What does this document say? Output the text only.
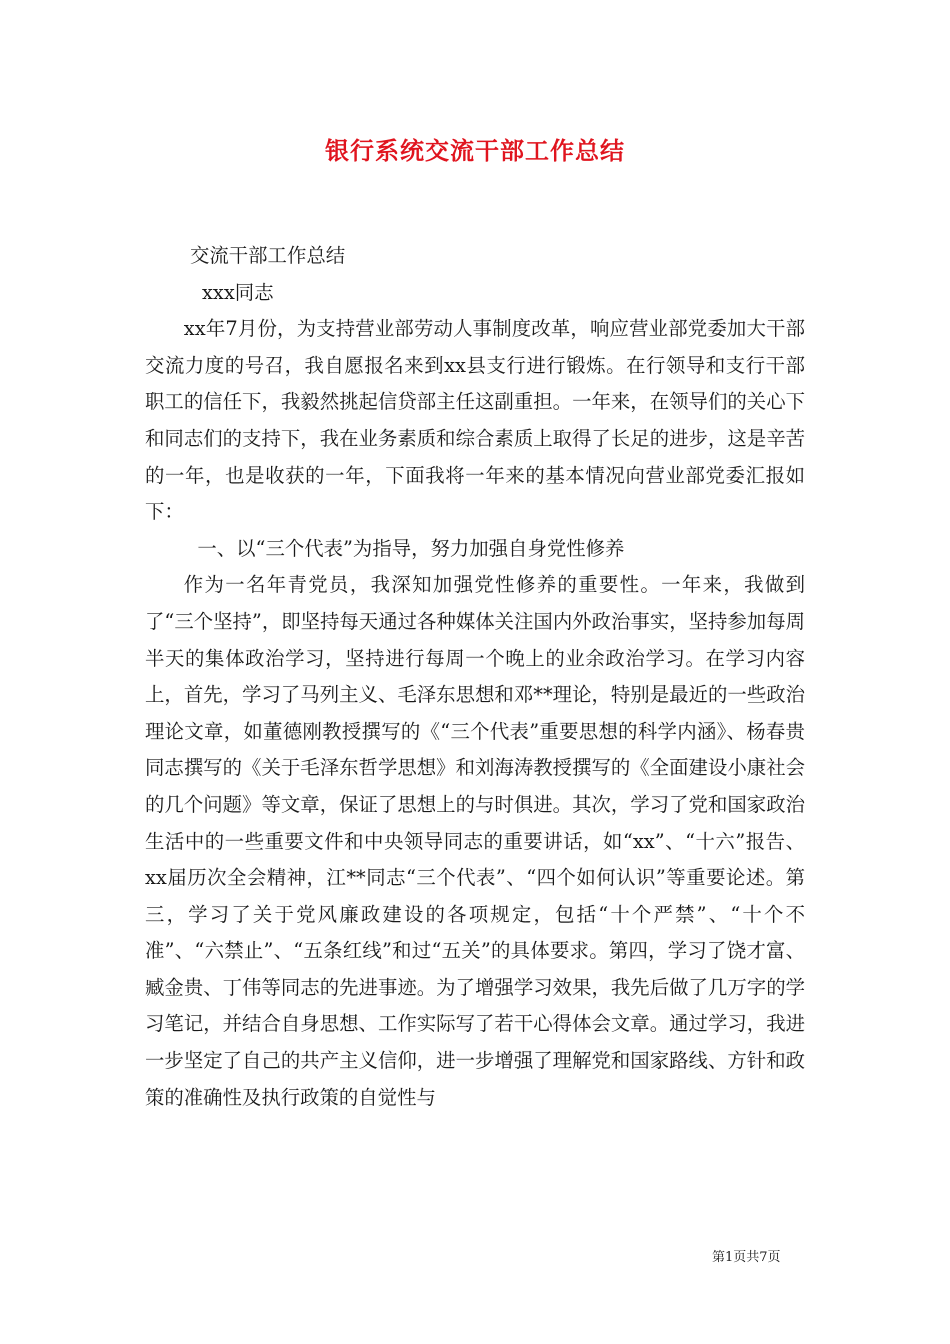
银行系统交流干部工作总结

交流干部工作总结

xxx同志

xx年7月份，为支持营业部劳动人事制度改革，响应营业部党委加大干部交流力度的号召，我自愿报名来到xx县支行进行锻炼。在行领导和支行干部职工的信任下，我毅然挑起信贷部主任这副重担。一年来，在领导们的关心下和同志们的支持下，我在业务素质和综合素质上取得了长足的进步，这是辛苦的一年，也是收获的一年，下面我将一年来的基本情况向营业部党委汇报如下：

一、以“三个代表”为指导，努力加强自身党性修养

作为一名年青党员，我深知加强党性修养的重要性。一年来，我做到了“三个坚持”，即坚持每天通过各种媒体关注国内外政治事实，坚持参加每周半天的集体政治学习，坚持进行每周一个晚上的业余政治学习。在学习内容上，首先，学习了马列主义、毛泽东思想和邓**理论，特别是最近的一些政治理论文章，如董德刚教授撰写的《“三个代表”重要思想的科学内涵》、杨春贵同志撰写的《关于毛泽东哲学思想》和刘海涛教授撰写的《全面建设小康社会的几个问题》等文章，保证了思想上的与时俱进。其次，学习了党和国家政治生活中的一些重要文件和中央领导同志的重要讲话，如“xx”、“十六”报告、xx届历次全会精神，江**同志“三个代表”、“四个如何认识”等重要论述。第三，学习了关于党风廉政建设的各项规定，包括“十个严禁”、“十个不准”、“六禁止”、“五条红线”和过“五关”的具体要求。第四，学习了饶才富、臧金贵、丁伟等同志的先进事迹。为了增强学习效果，我先后做了几万字的学习笔记，并结合自身思想、工作实际写了若干心得体会文章。通过学习，我进一步坚定了自己的共产主义信仰，进一步增强了理解党和国家路线、方针和政策的准确性及执行政策的自觉性与

第1页共7页
